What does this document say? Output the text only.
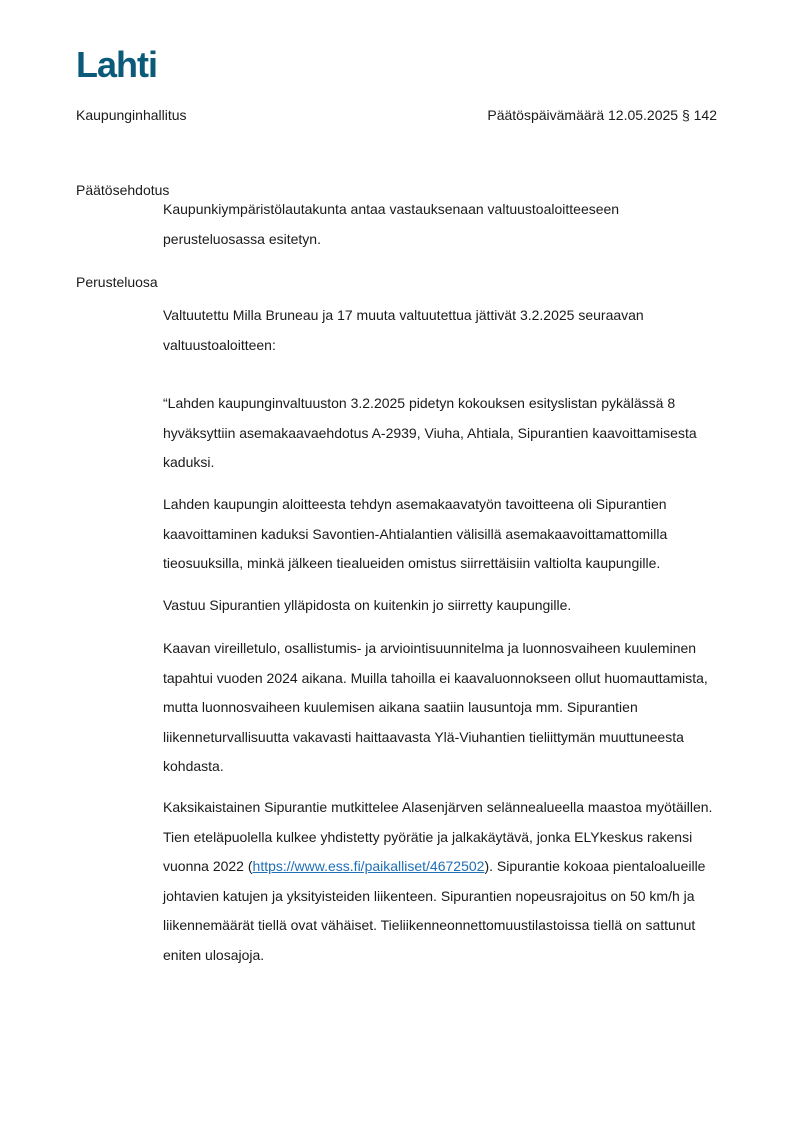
Lahti
Kaupunginhallitus	Päätöspäivämäärä 12.05.2025 § 142
Päätösehdotus

Kaupunkiympäristölautakunta antaa vastauksenaan valtuustoaloitteeseen perusteluosassa esitetyn.

Perusteluosa

Valtuutettu Milla Bruneau ja 17 muuta valtuutettua jättivät 3.2.2025 seuraavan valtuustoaloitteen:

“Lahden kaupunginvaltuuston 3.2.2025 pidetyn kokouksen esityslistan pykälässä 8 hyväksyttiin asemakaavaehdotus A-2939, Viuha, Ahtiala, Sipurantien kaavoittamisesta kaduksi.

Lahden kaupungin aloitteesta tehdyn asemakaavatyön tavoitteena oli Sipurantien kaavoittaminen kaduksi Savontien-Ahtialantien välisillä asemakaavoittamattomilla tieosuuksilla, minkä jälkeen tiealueiden omistus siirrettäisiin valtiolta kaupungille.

Vastuu Sipurantien ylläpidosta on kuitenkin jo siirretty kaupungille.

Kaavan vireilletulo, osallistumis- ja arviointisuunnitelma ja luonnosvaiheen kuuleminen tapahtui vuoden 2024 aikana. Muilla tahoilla ei kaavaluonnokseen ollut huomauttamista, mutta luonnosvaiheen kuulemisen aikana saatiin lausuntoja mm. Sipurantien liikenneturvallisuutta vakavasti haittaavasta Ylä-Viuhantien tieliittymän muuttuneesta kohdasta.

Kaksikaistainen Sipurantie mutkittelee Alasenjärven selännealueella maastoa myötäillen. Tien eteläpuolella kulkee yhdistetty pyörätie ja jalkakäytävä, jonka ELYkeskus rakensi vuonna 2022 (https://www.ess.fi/paikalliset/4672502). Sipurantie kokoaa pientaloalueille johtavien katujen ja yksityisteiden liikenteen. Sipurantien nopeusrajoitus on 50 km/h ja liikennemäärät tiellä ovat vähäiset. Tieliikenneonnettomuustilastoissa tiellä on sattunut eniten ulosajoja.
